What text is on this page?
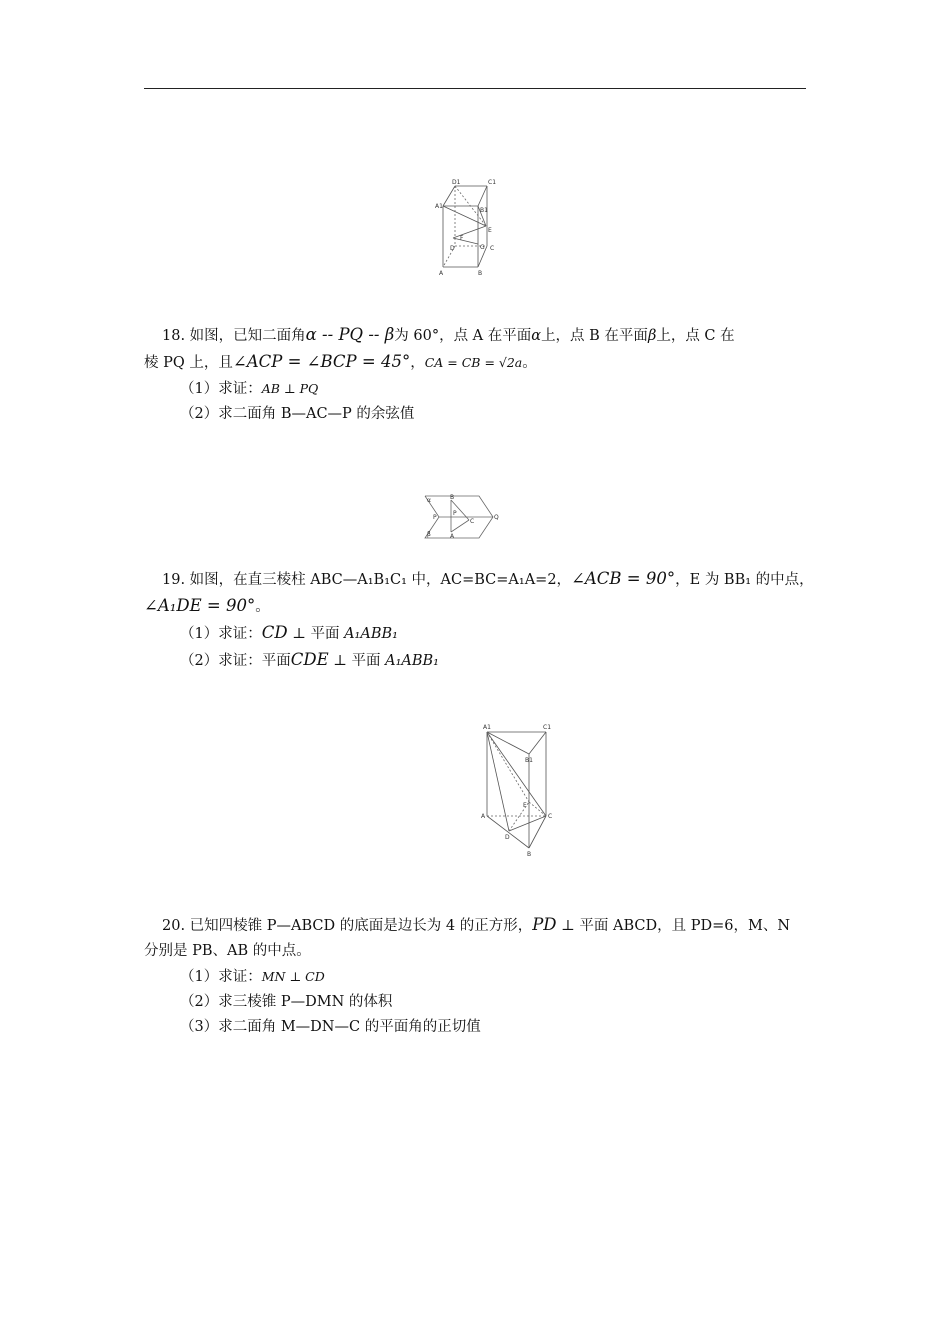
D1	C1
A1
B1
E
F
D	G C
A	B
18. 如图，已知二面角α -- PQ -- β为 60°，点 A 在平面α上，点 B 在平面β上，点 C 在
棱 PQ 上，且∠ACP = ∠BCP = 45°，CA = CB = √2a。
（1）求证：AB ⊥ PQ
（2）求二面角 B—AC—P 的余弦值
P
B
Q
P
C
A
α
β
19. 如图，在直三棱柱 ABC—A₁B₁C₁ 中，AC=BC=A₁A=2，∠ACB = 90°，E 为 BB₁ 的中点，
∠A₁DE = 90°。
（1）求证：CD ⊥ 平面 A₁ABB₁
（2）求证：平面CDE ⊥ 平面 A₁ABB₁
A1	C1
B1
E
A	C
D
B
20. 已知四棱锥 P—ABCD 的底面是边长为 4 的正方形，PD ⊥ 平面 ABCD，且 PD=6，M、N
分别是 PB、AB 的中点。
（1）求证：MN ⊥ CD
（2）求三棱锥 P—DMN 的体积
（3）求二面角 M—DN—C 的平面角的正切值
